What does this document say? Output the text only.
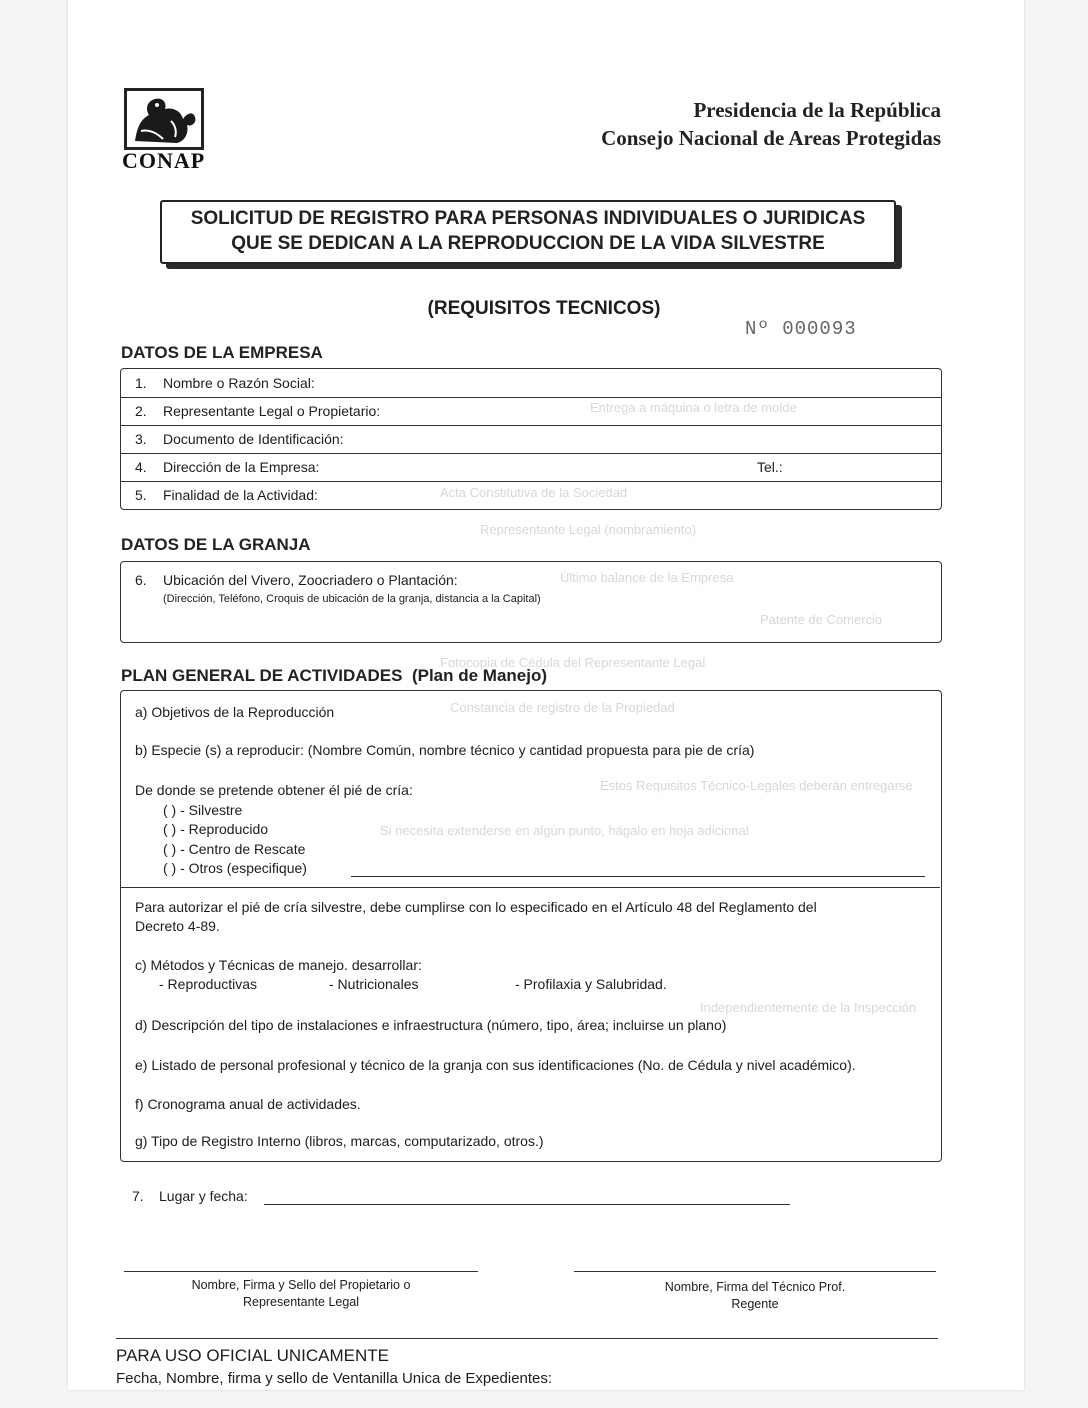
Entrega a máquina o letra de molde
Acta Constitutiva de la Sociedad
Representante Legal (nombramiento)
Último balance de la Empresa
Patente de Comercio
Fotocopia de Cédula del Representante Legal
Constancia de registro de la Propiedad
Estos Requisitos Técnico-Legales deberán entregarse
Si necesita extenderse en algún punto, hágalo en hoja adicional
Independientemente de la Inspección
CONAP
Presidencia de la República
Consejo Nacional de Areas Protegidas
SOLICITUD DE REGISTRO PARA PERSONAS INDIVIDUALES O JURIDICAS
QUE SE DEDICAN A LA REPRODUCCION DE LA VIDA SILVESTRE
(REQUISITOS TECNICOS)
Nº 000093
DATOS DE LA EMPRESA
1. Nombre o Razón Social:
2. Representante Legal o Propietario:
3. Documento de Identificación:
4. Dirección de la Empresa:	Tel.:
5. Finalidad de la Actividad:
DATOS DE LA GRANJA
6. Ubicación del Vivero, Zoocriadero o Plantación:
(Dirección, Teléfono, Croquis de ubicación de la granja, distancia a la Capital)
PLAN GENERAL DE ACTIVIDADES (Plan de Manejo)
a) Objetivos de la Reproducción
b) Especie (s) a reproducir: (Nombre Común, nombre técnico y cantidad propuesta para pie de cría)
De donde se pretende obtener él pié de cría:
( ) - Silvestre
( ) - Reproducido
( ) - Centro de Rescate
( ) - Otros (especifique)
Para autorizar el pié de cría silvestre, debe cumplirse con lo especificado en el Artículo 48 del Reglamento del
Decreto 4-89.
c) Métodos y Técnicas de manejo. desarrollar:
- Reproductivas	- Nutricionales	- Profilaxia y Salubridad.
d) Descripción del tipo de instalaciones e infraestructura (número, tipo, área; incluirse un plano)
e) Listado de personal profesional y técnico de la granja con sus identificaciones (No. de Cédula y nivel académico).
f) Cronograma anual de actividades.
g) Tipo de Registro Interno (libros, marcas, computarizado, otros.)
7. Lugar y fecha:
Nombre, Firma y Sello del Propietario o
Representante Legal
Nombre, Firma del Técnico Prof.
Regente
PARA USO OFICIAL UNICAMENTE
Fecha, Nombre, firma y sello de Ventanilla Unica de Expedientes:
